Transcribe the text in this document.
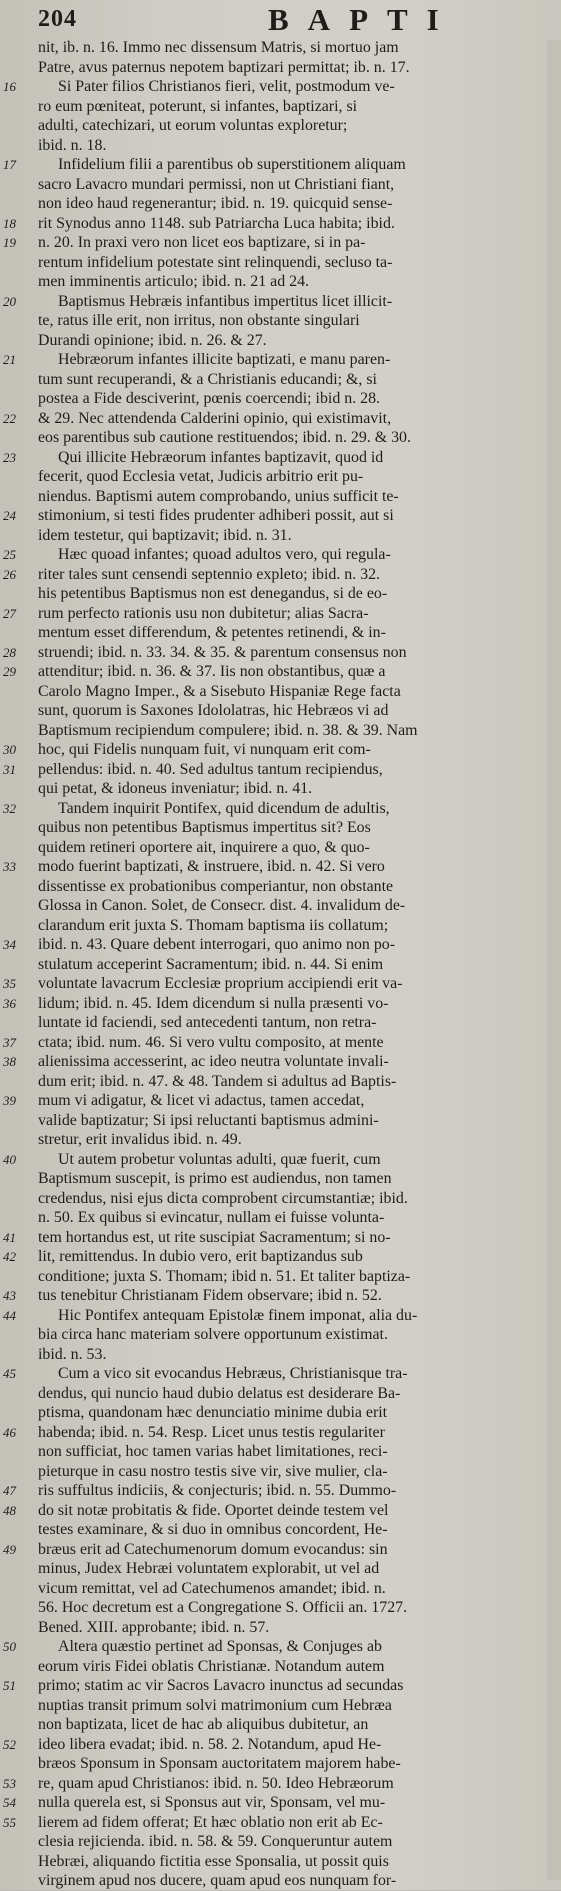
204	BAPTI
nit, ib. n. 16. Immo nec dissensum Matris, si mortuo jam
Patre, avus paternus nepotem baptizari permittat; ib. n. 17.
16	Si Pater filios Christianos fieri, velit, postmodum ve-
ro eum pœniteat, poterunt, si infantes, baptizari, si
adulti, catechizari, ut eorum voluntas exploretur;
ibid. n. 18.
17	Infidelium filii a parentibus ob superstitionem aliquam
sacro Lavacro mundari permissi, non ut Christiani fiant,
non ideo haud regenerantur; ibid. n. 19. quicquid sense-
18	rit Synodus anno 1148. sub Patriarcha Luca habita; ibid.
19	n. 20. In praxi vero non licet eos baptizare, si in pa-
rentum infidelium potestate sint relinquendi, secluso ta-
men imminentis articulo; ibid. n. 21 ad 24.
20	Baptismus Hebræis infantibus impertitus licet illicit-
te, ratus ille erit, non irritus, non obstante singulari
Durandi opinione; ibid. n. 26. & 27.
21	Hebræorum infantes illicite baptizati, e manu paren-
tum sunt recuperandi, & a Christianis educandi; &, si
postea a Fide desciverint, pœnis coercendi; ibid n. 28.
22	& 29. Nec attendenda Calderini opinio, qui existimavit,
eos parentibus sub cautione restituendos; ibid. n. 29. & 30.
23	Qui illicite Hebræorum infantes baptizavit, quod id
fecerit, quod Ecclesia vetat, Judicis arbitrio erit pu-
niendus. Baptismi autem comprobando, unius sufficit te-
24	stimonium, si testi fides prudenter adhiberi possit, aut si
idem testetur, qui baptizavit; ibid. n. 31.
25	Hæc quoad infantes; quoad adultos vero, qui regula-
26	riter tales sunt censendi septennio expleto; ibid. n. 32.
his petentibus Baptismus non est denegandus, si de eo-
27	rum perfecto rationis usu non dubitetur; alias Sacra-
mentum esset differendum, & petentes retinendi, & in-
28	struendi; ibid. n. 33. 34. & 35. & parentum consensus non
29	attenditur; ibid. n. 36. & 37. Iis non obstantibus, quæ a
Carolo Magno Imper., & a Sisebuto Hispaniæ Rege facta
sunt, quorum is Saxones Idololatras, hic Hebræos vi ad
Baptismum recipiendum compulere; ibid. n. 38. & 39. Nam
30	hoc, qui Fidelis nunquam fuit, vi nunquam erit com-
31	pellendus: ibid. n. 40. Sed adultus tantum recipiendus,
qui petat, & idoneus inveniatur; ibid. n. 41.
32	Tandem inquirit Pontifex, quid dicendum de adultis,
quibus non petentibus Baptismus impertitus sit? Eos
quidem retineri oportere ait, inquirere a quo, & quo-
33	modo fuerint baptizati, & instruere, ibid. n. 42. Si vero
dissentisse ex probationibus comperiantur, non obstante
Glossa in Canon. Solet, de Consecr. dist. 4. invalidum de-
clarandum erit juxta S. Thomam baptisma iis collatum;
34	ibid. n. 43. Quare debent interrogari, quo animo non po-
stulatum acceperint Sacramentum; ibid. n. 44. Si enim
35	voluntate lavacrum Ecclesiæ proprium accipiendi erit va-
36	lidum; ibid. n. 45. Idem dicendum si nulla præsenti vo-
luntate id faciendi, sed antecedenti tantum, non retra-
37	ctata; ibid. num. 46. Si vero vultu composito, at mente
38	alienissima accesserint, ac ideo neutra voluntate invali-
dum erit; ibid. n. 47. & 48. Tandem si adultus ad Baptis-
39	mum vi adigatur, & licet vi adactus, tamen accedat,
valide baptizatur; Si ipsi reluctanti baptismus admini-
stretur, erit invalidus ibid. n. 49.
40	Ut autem probetur voluntas adulti, quæ fuerit, cum
Baptismum suscepit, is primo est audiendus, non tamen
credendus, nisi ejus dicta comprobent circumstantiæ; ibid.
n. 50. Ex quibus si evincatur, nullam ei fuisse volunta-
41	tem hortandus est, ut rite suscipiat Sacramentum; si no-
42	lit, remittendus. In dubio vero, erit baptizandus sub
conditione; juxta S. Thomam; ibid n. 51. Et taliter baptiza-
43	tus tenebitur Christianam Fidem observare; ibid n. 52.
44	Hic Pontifex antequam Epistolæ finem imponat, alia du-
bia circa hanc materiam solvere opportunum existimat.
ibid. n. 53.
45	Cum a vico sit evocandus Hebræus, Christianisque tra-
dendus, qui nuncio haud dubio delatus est desiderare Ba-
ptisma, quandonam hæc denunciatio minime dubia erit
46	habenda; ibid. n. 54. Resp. Licet unus testis regulariter
non sufficiat, hoc tamen varias habet limitationes, reci-
pieturque in casu nostro testis sive vir, sive mulier, cla-
47	ris suffultus indiciis, & conjecturis; ibid. n. 55. Dummo-
48	do sit notæ probitatis & fide. Oportet deinde testem vel
testes examinare, & si duo in omnibus concordent, He-
49	bræus erit ad Catechumenorum domum evocandus: sin
minus, Judex Hebræi voluntatem explorabit, ut vel ad
vicum remittat, vel ad Catechumenos amandet; ibid. n.
56. Hoc decretum est a Congregatione S. Officii an. 1727.
Bened. XIII. approbante; ibid. n. 57.
50	Altera quæstio pertinet ad Sponsas, & Conjuges ab
eorum viris Fidei oblatis Christianæ. Notandum autem
51	primo; statim ac vir Sacros Lavacro inunctus ad secundas
nuptias transit primum solvi matrimonium cum Hebræa
non baptizata, licet de hac ab aliquibus dubitetur, an
52	ideo libera evadat; ibid. n. 58. 2. Notandum, apud He-
bræos Sponsum in Sponsam auctoritatem majorem habe-
53	re, quam apud Christianos: ibid. n. 50. Ideo Hebræorum
54	nulla querela est, si Sponsus aut vir, Sponsam, vel mu-
55	lierem ad fidem offerat; Et hæc oblatio non erit ab Ec-
clesia rejicienda. ibid. n. 58. & 59. Conqueruntur autem
Hebræi, aliquando fictitia esse Sponsalia, ut possit quis
virginem apud nos ducere, quam apud eos nunquam for-
